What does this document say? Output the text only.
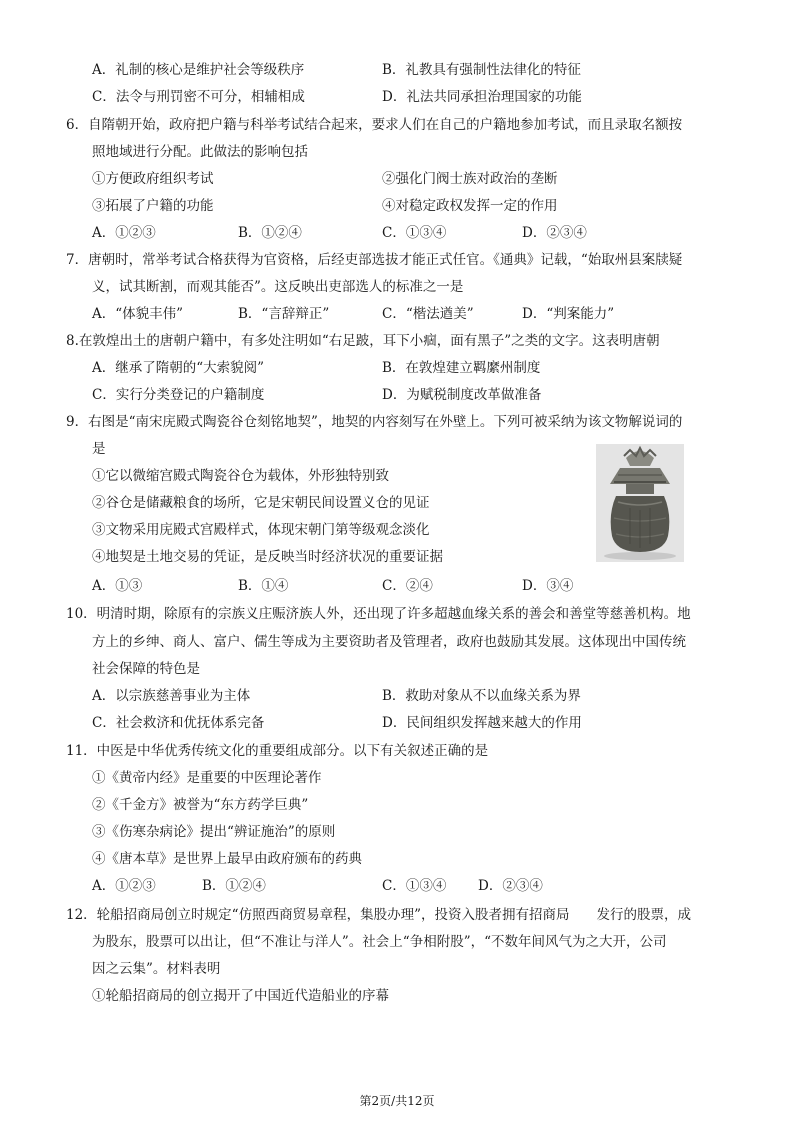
A．礼制的核心是维护社会等级秩序	B．礼教具有强制性法律化的特征
C．法令与刑罚密不可分，相辅相成	D．礼法共同承担治理国家的功能
6．自隋朝开始，政府把户籍与科举考试结合起来，要求人们在自己的户籍地参加考试，而且录取名额按
照地域进行分配。此做法的影响包括
①方便政府组织考试	②强化门阀士族对政治的垄断
③拓展了户籍的功能	④对稳定政权发挥一定的作用
A．①②③	B．①②④	C．①③④	D．②③④
7．唐朝时，常举考试合格获得为官资格，后经吏部选拔才能正式任官。《通典》记载，“始取州县案牍疑
义，试其断割，而观其能否”。这反映出吏部选人的标准之一是
A．“体貌丰伟”	B．“言辞辩正”	C．“楷法遒美”	D．“判案能力”
8.在敦煌出土的唐朝户籍中，有多处注明如“右足跛，耳下小痼，面有黑子”之类的文字。这表明唐朝
A．继承了隋朝的“大索貌阅”	B．在敦煌建立羁縻州制度
C．实行分类登记的户籍制度	D．为赋税制度改革做准备
9．右图是“南宋庑殿式陶瓷谷仓刻铭地契”，地契的内容刻写在外壁上。下列可被采纳为该文物解说词的
是
①它以微缩宫殿式陶瓷谷仓为载体，外形独特别致
②谷仓是储藏粮食的场所，它是宋朝民间设置义仓的见证
③文物采用庑殿式宫殿样式，体现宋朝门第等级观念淡化
④地契是土地交易的凭证，是反映当时经济状况的重要证据
A．①③	B．①④	C．②④	D．③④
10．明清时期，除原有的宗族义庄赈济族人外，还出现了许多超越血缘关系的善会和善堂等慈善机构。地
方上的乡绅、商人、富户、儒生等成为主要资助者及管理者，政府也鼓励其发展。这体现出中国传统
社会保障的特色是
A．以宗族慈善事业为主体	B．救助对象从不以血缘关系为界
C．社会救济和优抚体系完备	D．民间组织发挥越来越大的作用
11．中医是中华优秀传统文化的重要组成部分。以下有关叙述正确的是
①《黄帝内经》是重要的中医理论著作
②《千金方》被誉为“东方药学巨典”
③《伤寒杂病论》提出“辨证施治”的原则
④《唐本草》是世界上最早由政府颁布的药典
A．①②③	B．①②④	C．①③④ D．②③④
12．轮船招商局创立时规定“仿照西商贸易章程，集股办理”，投资入股者拥有招商局　　发行的股票，成
为股东，股票可以出让，但“不准让与洋人”。社会上“争相附股”，“不数年间风气为之大开，公司
因之云集”。材料表明
①轮船招商局的创立揭开了中国近代造船业的序幕
第2页/共12页
